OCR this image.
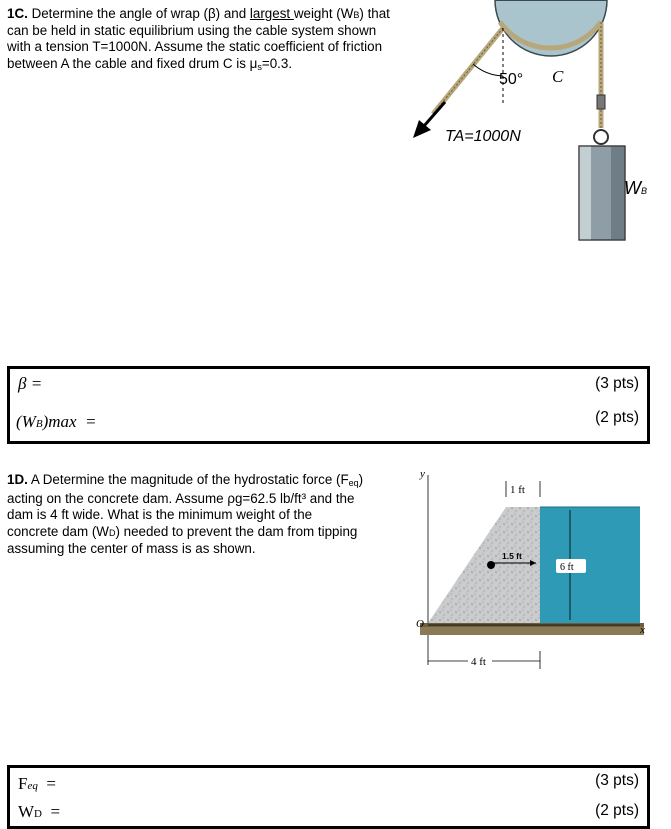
1C. Determine the angle of wrap (β) and largest weight (WB) that can be held in static equilibrium using the cable system shown with a tension T=1000N. Assume the static coefficient of friction between A the cable and fixed drum C is μs=0.3.
50° C
TA=1000N
WB
β =	(3 pts)
(WB)max =	(2 pts)
1D. A Determine the magnitude of the hydrostatic force (Feq) acting on the concrete dam. Assume ρg=62.5 lb/ft³ and the dam is 4 ft wide. What is the minimum weight of the concrete dam (WD) needed to prevent the dam from tipping assuming the center of mass is as shown.
y
x
O
1 ft
1.5 ft
6 ft
4 ft
Feq =	(3 pts)
WD =	(2 pts)
